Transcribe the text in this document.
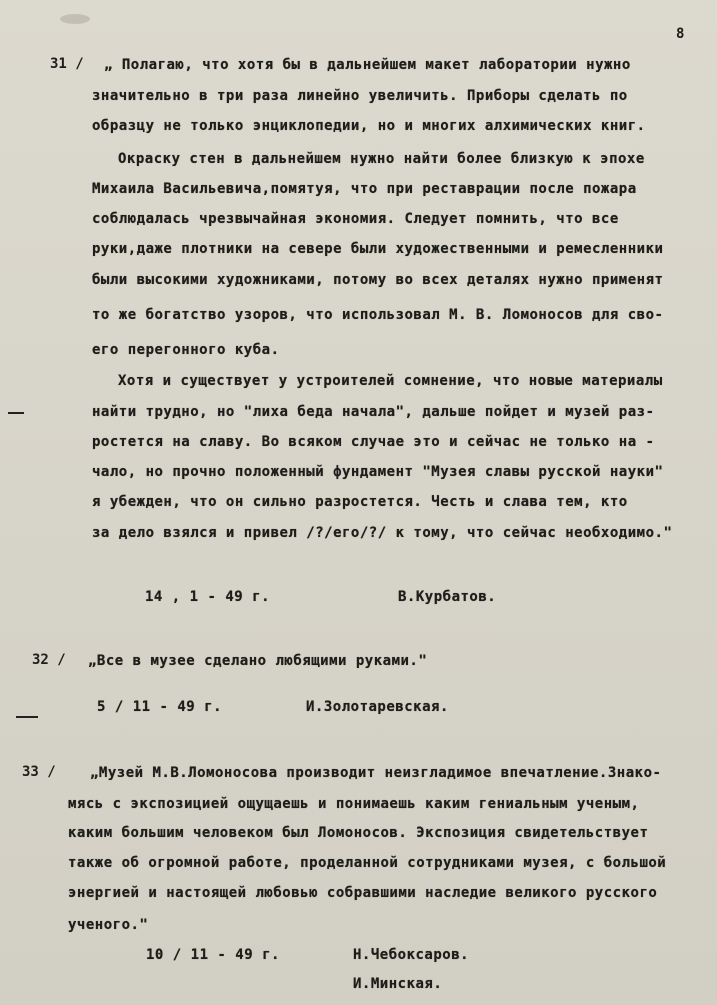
8
31 / „ Полагаю, что хотя бы в дальнейшем макет лаборатории нужно
значительно в три раза линейно увеличить. Приборы сделать по
образцу не только энциклопедии, но и многих алхимических книг.
Окраску стен в дальнейшем нужно найти более близкую к эпохе
Михаила Васильевича,помятуя, что при реставрации после пожара
соблюдалась чрезвычайная экономия. Следует помнить, что все
руки,даже плотники на севере были художественными и ремесленники
были высокими художниками, потому во всех деталях нужно применят
то же богатство узоров, что использовал М. В. Ломоносов для сво-
его перегонного куба.
Хотя и существует у устроителей сомнение, что новые материалы
найти трудно, но "лиха беда начала", дальше пойдет и музей раз-
ростется на славу. Во всяком случае это и сейчас не только на -
чало, но прочно положенный фундамент "Музея славы русской науки"
я убежден, что он сильно разростется. Честь и слава тем, кто
за дело взялся и привел /?/его/?/ к тому, что сейчас необходимо."
14 , 1 - 49 г.	В.Курбатов.
32 / „Все в музее сделано любящими руками."
5 / 11 - 49 г.	И.Золотаревская.
33 / „Музей М.В.Ломоносова производит неизгладимое впечатление.Знако-
мясь с экспозицией ощущаешь и понимаешь каким гениальным ученым,
каким большим человеком был Ломоносов. Экспозиция свидетельствует
также об огромной работе, проделанной сотрудниками музея, с большой
энергией и настоящей любовью собравшими наследие великого русского
ученого."
10 / 11 - 49 г.	Н.Чебоксаров.
И.Минская.
